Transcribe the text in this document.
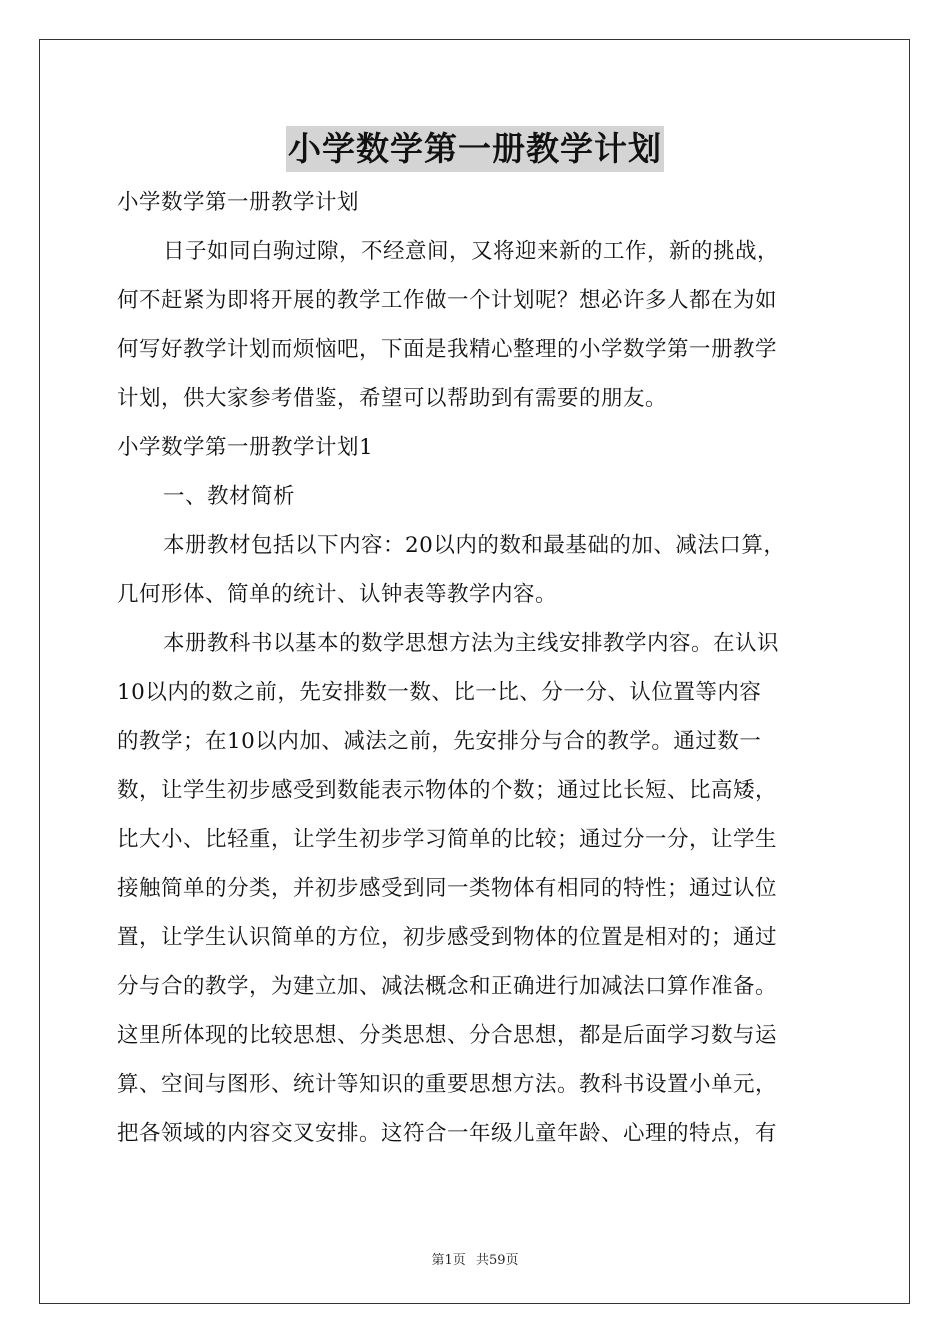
小学数学第一册教学计划
小学数学第一册教学计划
日子如同白驹过隙，不经意间，又将迎来新的工作，新的挑战，
何不赶紧为即将开展的教学工作做一个计划呢？想必许多人都在为如
何写好教学计划而烦恼吧，下面是我精心整理的小学数学第一册教学
计划，供大家参考借鉴，希望可以帮助到有需要的朋友。
小学数学第一册教学计划1
一、教材简析
本册教材包括以下内容：20以内的数和最基础的加、减法口算，
几何形体、简单的统计、认钟表等教学内容。
本册教科书以基本的数学思想方法为主线安排教学内容。在认识
10以内的数之前，先安排数一数、比一比、分一分、认位置等内容
的教学；在10以内加、减法之前，先安排分与合的教学。通过数一
数，让学生初步感受到数能表示物体的个数；通过比长短、比高矮，
比大小、比轻重，让学生初步学习简单的比较；通过分一分，让学生
接触简单的分类，并初步感受到同一类物体有相同的特性；通过认位
置，让学生认识简单的方位，初步感受到物体的位置是相对的；通过
分与合的教学，为建立加、减法概念和正确进行加减法口算作准备。
这里所体现的比较思想、分类思想、分合思想，都是后面学习数与运
算、空间与图形、统计等知识的重要思想方法。教科书设置小单元，
把各领域的内容交叉安排。这符合一年级儿童年龄、心理的特点，有
第1页 共59页
